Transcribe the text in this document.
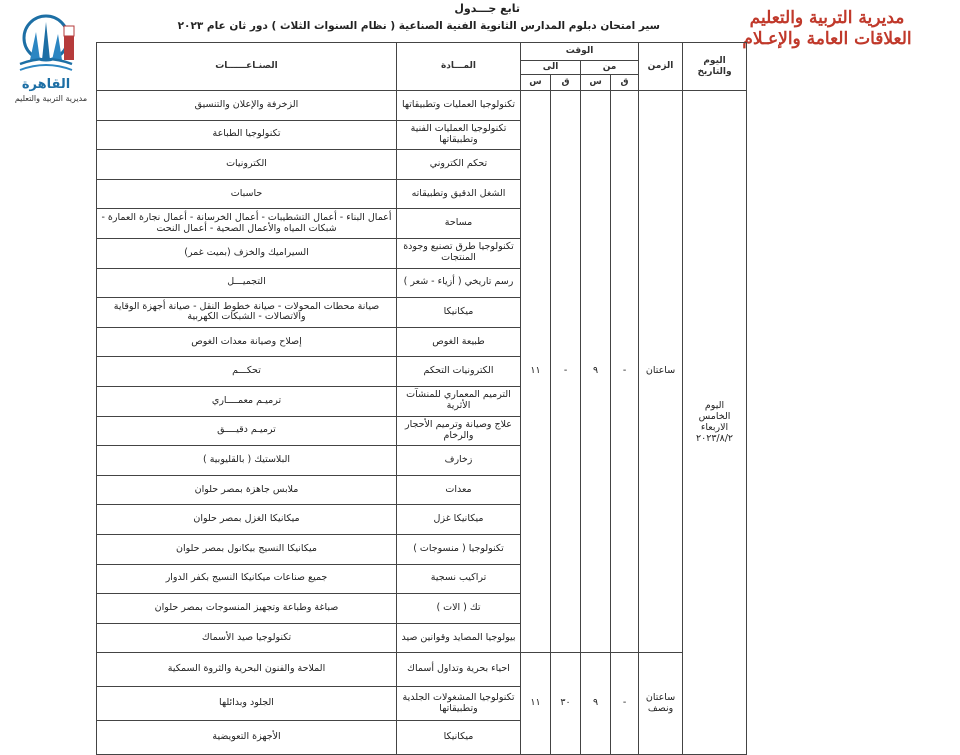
القاهرة
مديرية التربية والتعليم
مديرية التربية والتعليم
العلاقات العامة والإعـلام
تابع جـــدول
سير امتحان دبلوم المدارس الثانوية الفنية الصناعية ( نظام السنوات الثلاث ) دور ثان عام ٢٠٢٣
اليوم والتاريخ	الزمن	الوقت				المـــادة	الصنـاعــــــات
		من		الى			
		ق	س	ق	س		

اليوم
الخامس
الاربعاء
٢٠٢٣/٨/٢	ساعتان	-	٩	-	١١	تكنولوجيا العمليات وتطبيقاتها	الزخرفة والإعلان والتنسيق
						تكنولوجيا العمليات الفنية وتطبيقاتها	تكنولوجيا الطباعة
						تحكم الكتروني	الكترونيات
						الشغل الدقيق وتطبيقاته	حاسبات
						مساحة	أعمال البناء - أعمال التشطيبات - أعمال الخرسانة - أعمال نجارة العمارة - شبكات المياه والأعمال الصحية - أعمال النحت
						تكنولوجيا طرق تصنيع وجودة المنتجات	السيراميك والخزف (بميت غمر)
						رسم تاريخي ( أزياء - شعر )	التجميـــل
						ميكانيكا	صيانة محطات المحولات - صيانة خطوط النقل - صيانة أجهزة الوقاية والاتصالات - الشبكات الكهربية
						طبيعة الغوص	إصلاح وصيانة معدات الغوص
						الكترونيات التحكم	تحكـــم
						الترميم المعماري للمنشآت الأثرية	ترميـم معمــــاري
						علاج وصيانة وترميم الأحجار والرخام	ترميـم دقيــــق
						زخارف	البلاستيك ( بالقليوبية )
						معدات	ملابس جاهزة بمصر حلوان
						ميكانيكا غزل	ميكانيكا الغزل بمصر حلوان
						تكنولوجيا ( منسوجات )	ميكانيكا النسيج بيكانول بمصر حلوان
						تراكيب نسجية	جميع صناعات ميكانيكا النسيج بكفر الدوار
						تك ( الات )	صباغة وطباعة وتجهيز المنسوجات بمصر حلوان
						بيولوجيا المصايد وقوانين صيد	تكنولوجيا صيد الأسماك
	ساعتان ونصف	-	٩	٣٠	١١	احياء بحرية وتداول أسماك	الملاحة والفنون البحرية والثروة السمكية
						تكنولوجيا المشغولات الجلدية وتطبيقاتها	الجلود وبدائلها
						ميكانيكا	الأجهزة التعويضية
